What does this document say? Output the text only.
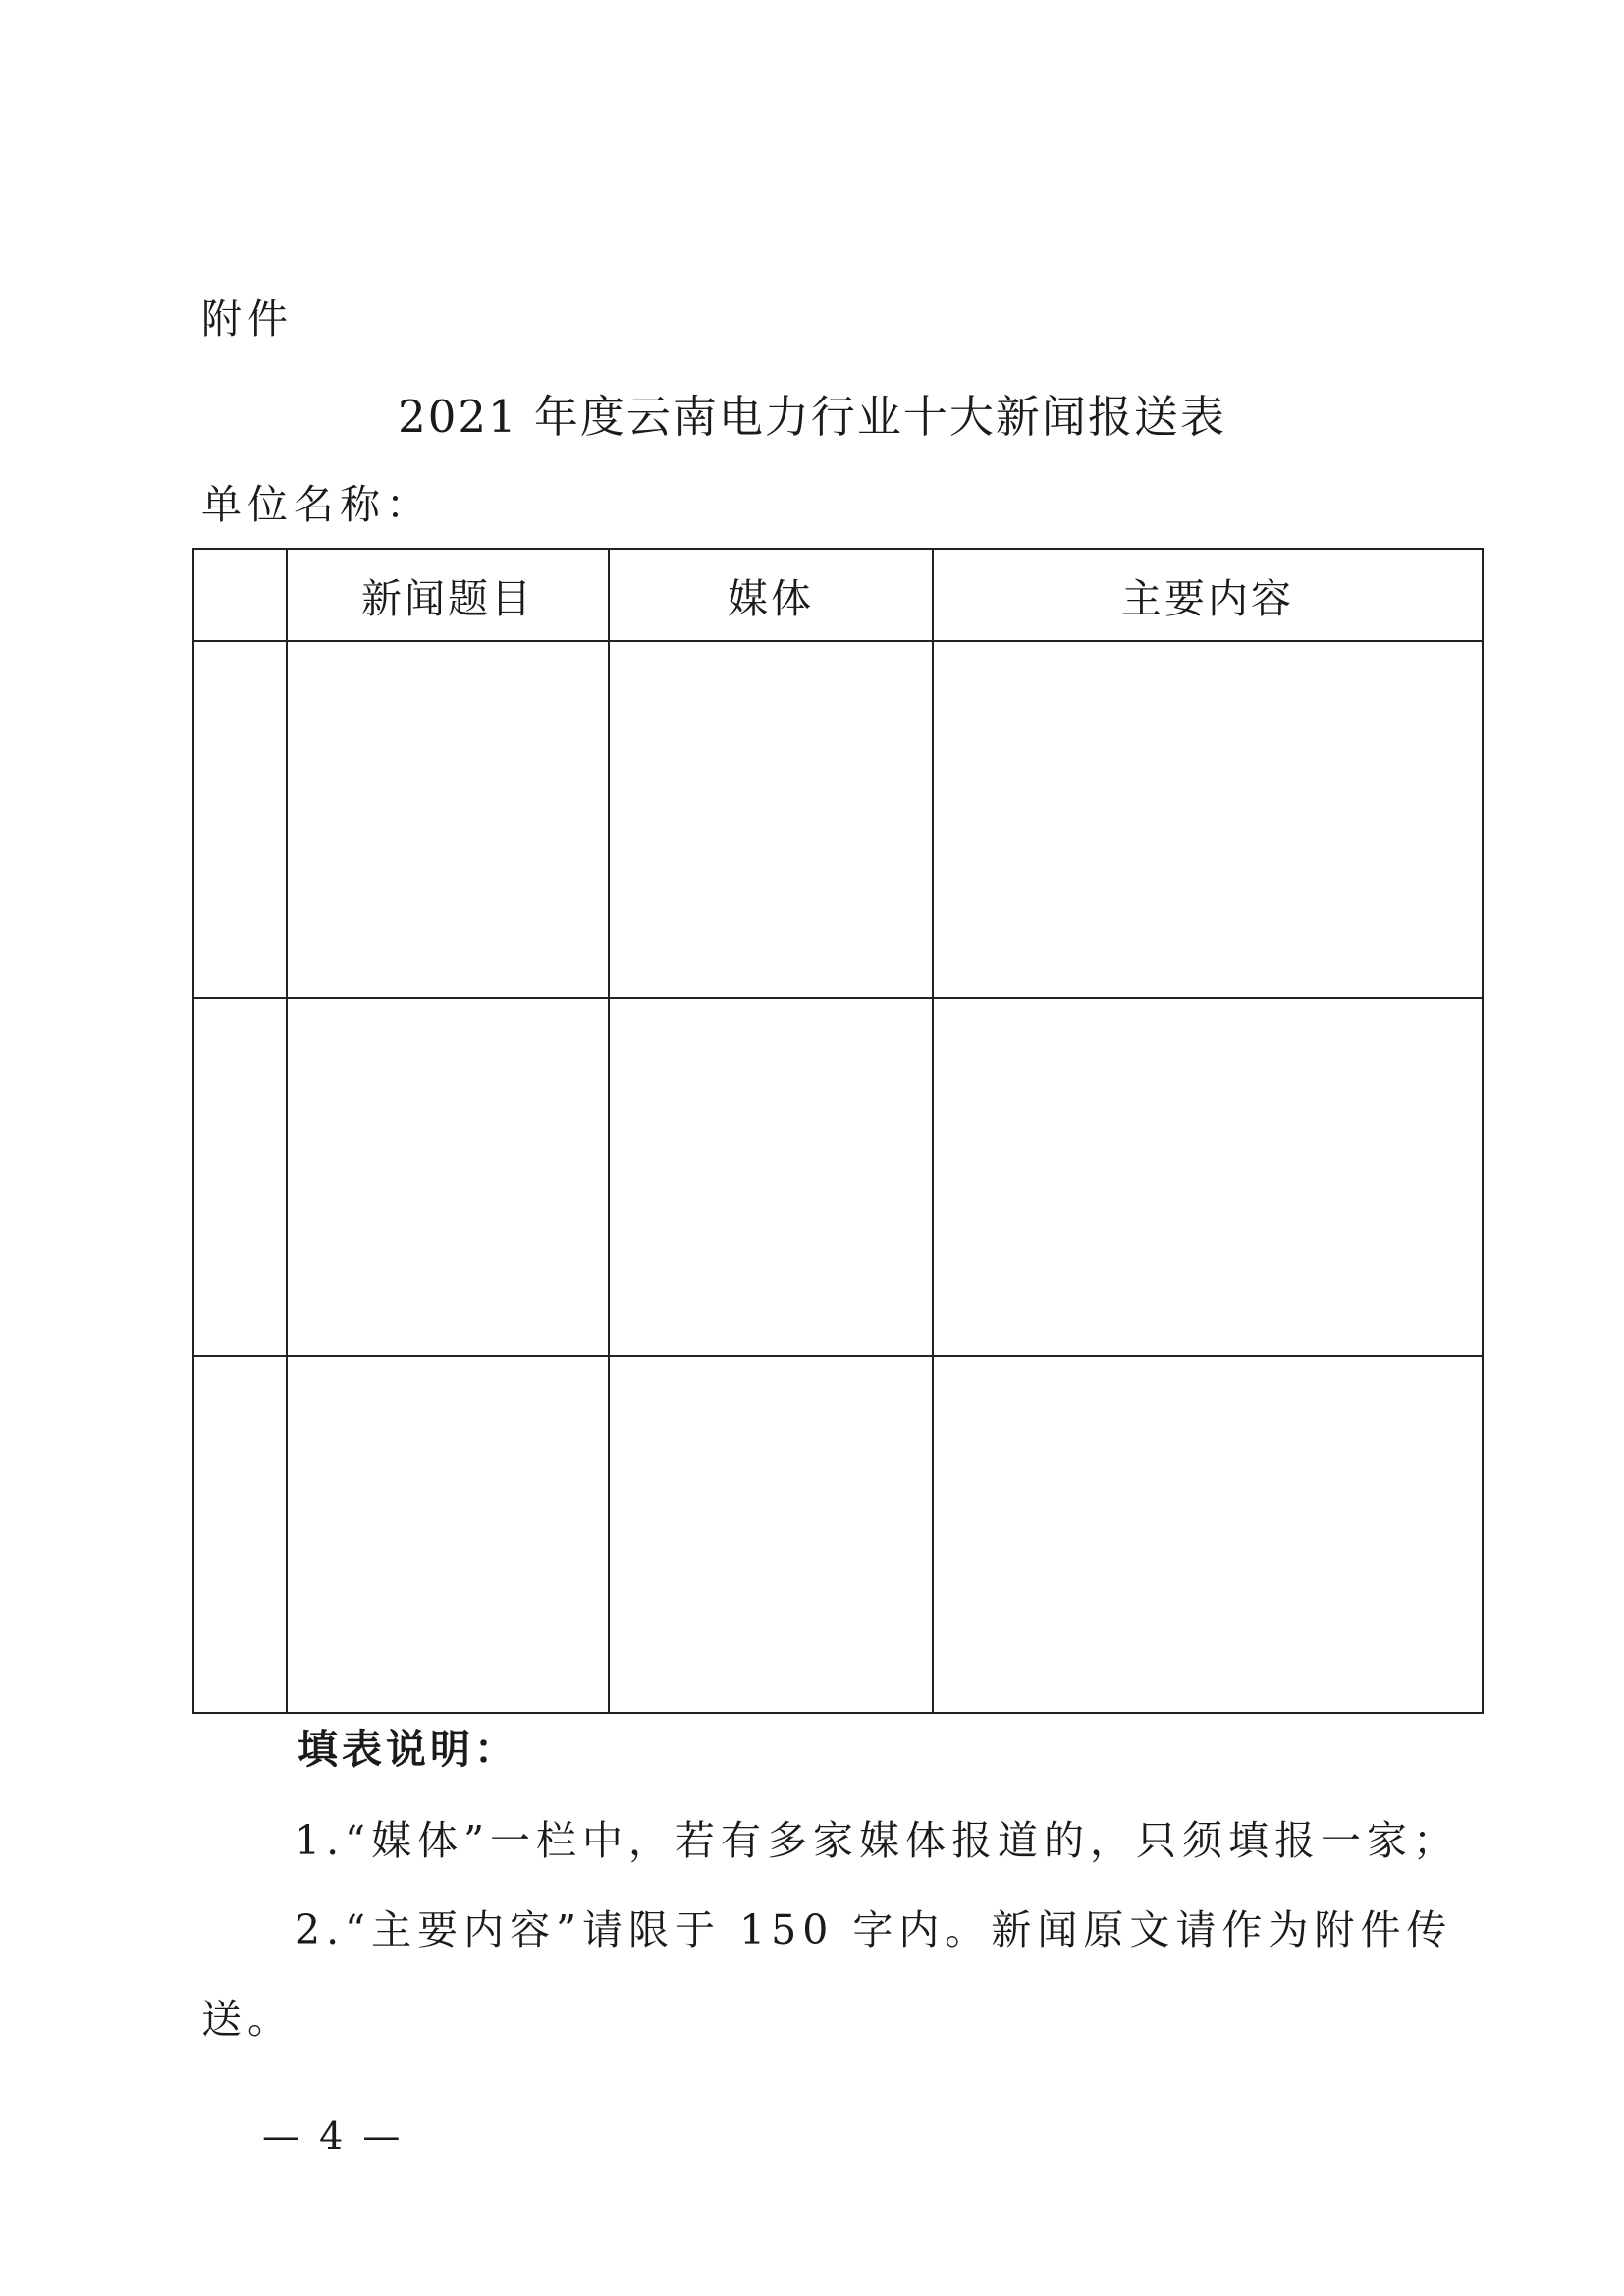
附件
2021 年度云南电力行业十大新闻报送表
单位名称：
	新闻题目	媒体	主要内容

填表说明：
1.“媒体”一栏中，若有多家媒体报道的，只须填报一家；
2.“主要内容”请限于 150 字内。新闻原文请作为附件传
送。
— 4 —
